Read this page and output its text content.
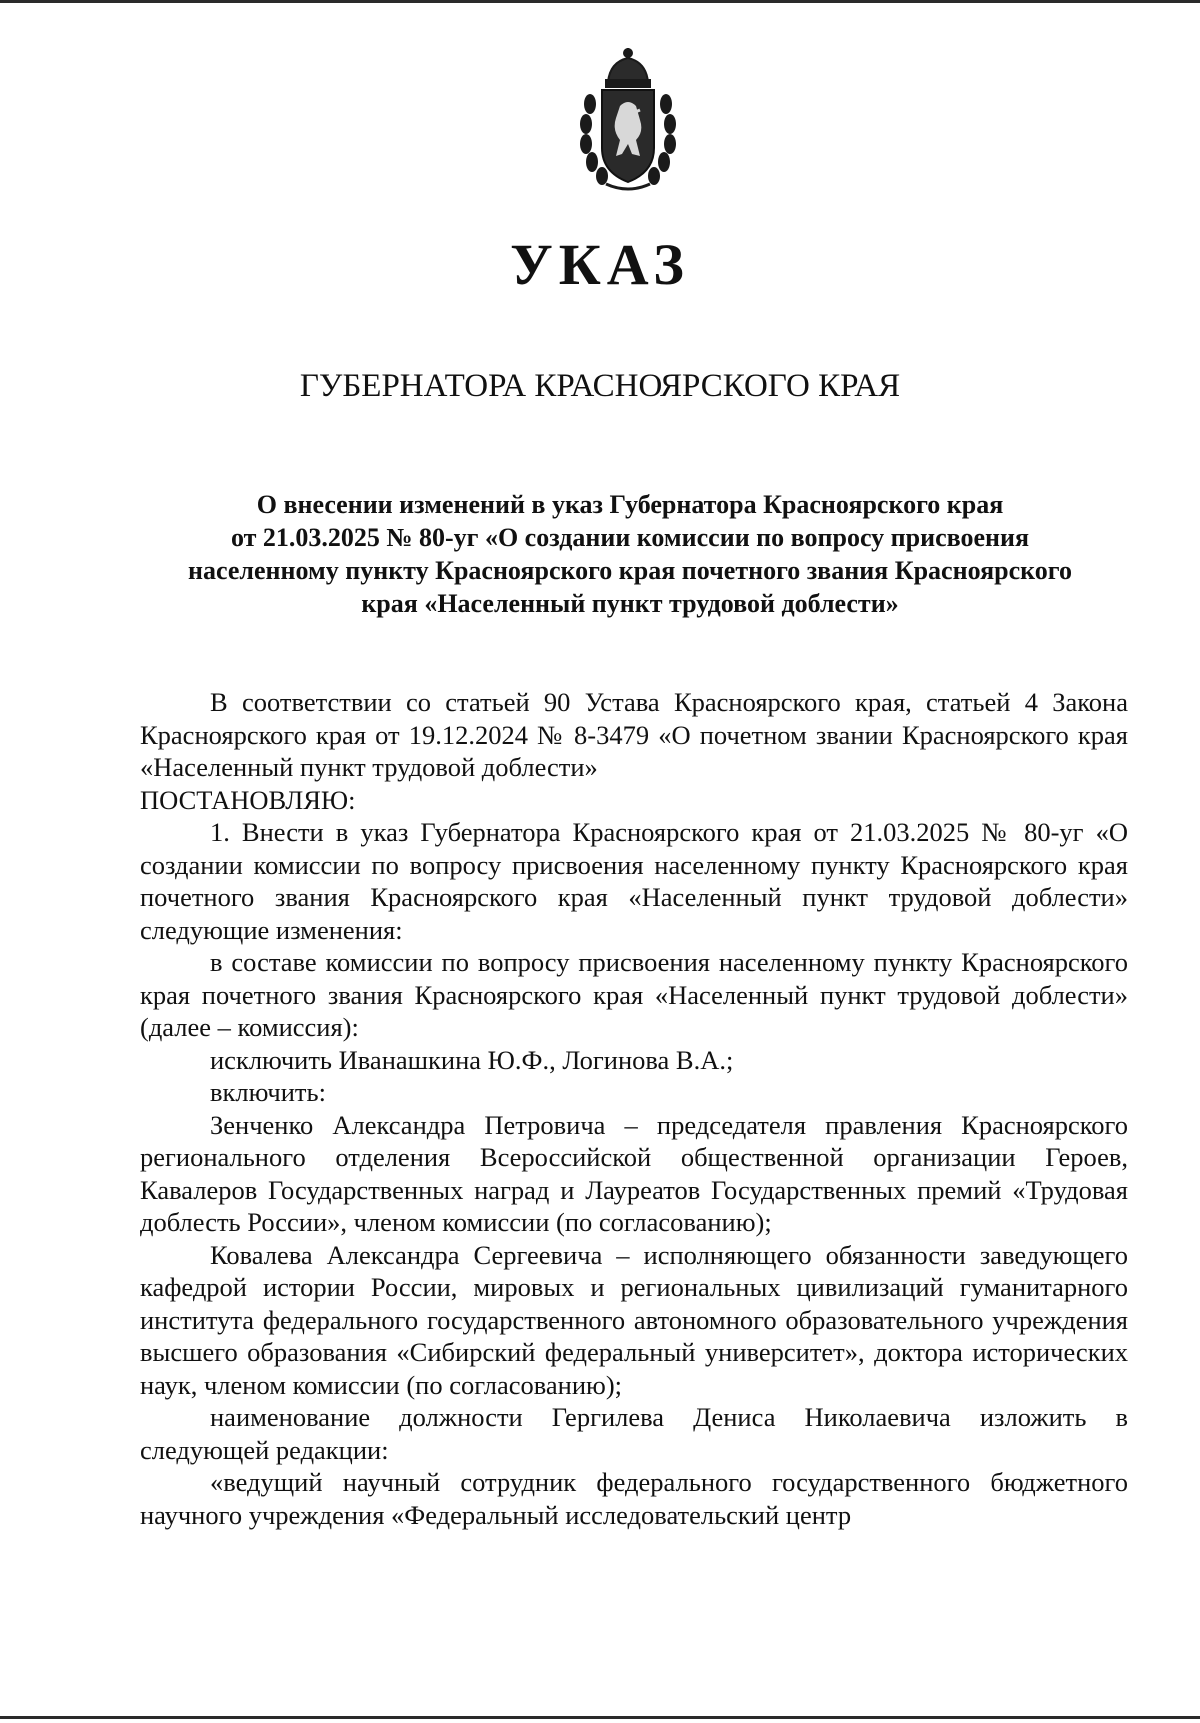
УКАЗ
ГУБЕРНАТОРА КРАСНОЯРСКОГО КРАЯ
О внесении изменений в указ Губернатора Красноярского края
от 21.03.2025 № 80-уг «О создании комиссии по вопросу присвоения
населенному пункту Красноярского края почетного звания Красноярского
края «Населенный пункт трудовой доблести»

В соответствии со статьей 90 Устава Красноярского края, статьей 4 Закона Красноярского края от 19.12.2024 № 8-3479 «О почетном звании Красноярского края «Населенный пункт трудовой доблести»

ПОСТАНОВЛЯЮ:

1. Внести в указ Губернатора Красноярского края от 21.03.2025 № 80-уг «О создании комиссии по вопросу присвоения населенному пункту Красноярского края почетного звания Красноярского края «Населенный пункт трудовой доблести» следующие изменения:

в составе комиссии по вопросу присвоения населенному пункту Красноярского края почетного звания Красноярского края «Населенный пункт трудовой доблести» (далее – комиссия):

исключить Иванашкина Ю.Ф., Логинова В.А.;

включить:

Зенченко Александра Петровича – председателя правления Красноярского регионального отделения Всероссийской общественной организации Героев, Кавалеров Государственных наград и Лауреатов Государственных премий «Трудовая доблесть России», членом комиссии (по согласованию);

Ковалева Александра Сергеевича – исполняющего обязанности заведующего кафедрой истории России, мировых и региональных цивилизаций гуманитарного института федерального государственного автономного образовательного учреждения высшего образования «Сибирский федеральный университет», доктора исторических наук, членом комиссии (по согласованию);

наименование должности Гергилева Дениса Николаевича изложить в следующей редакции:

«ведущий научный сотрудник федерального государственного бюджетного научного учреждения «Федеральный исследовательский центр
